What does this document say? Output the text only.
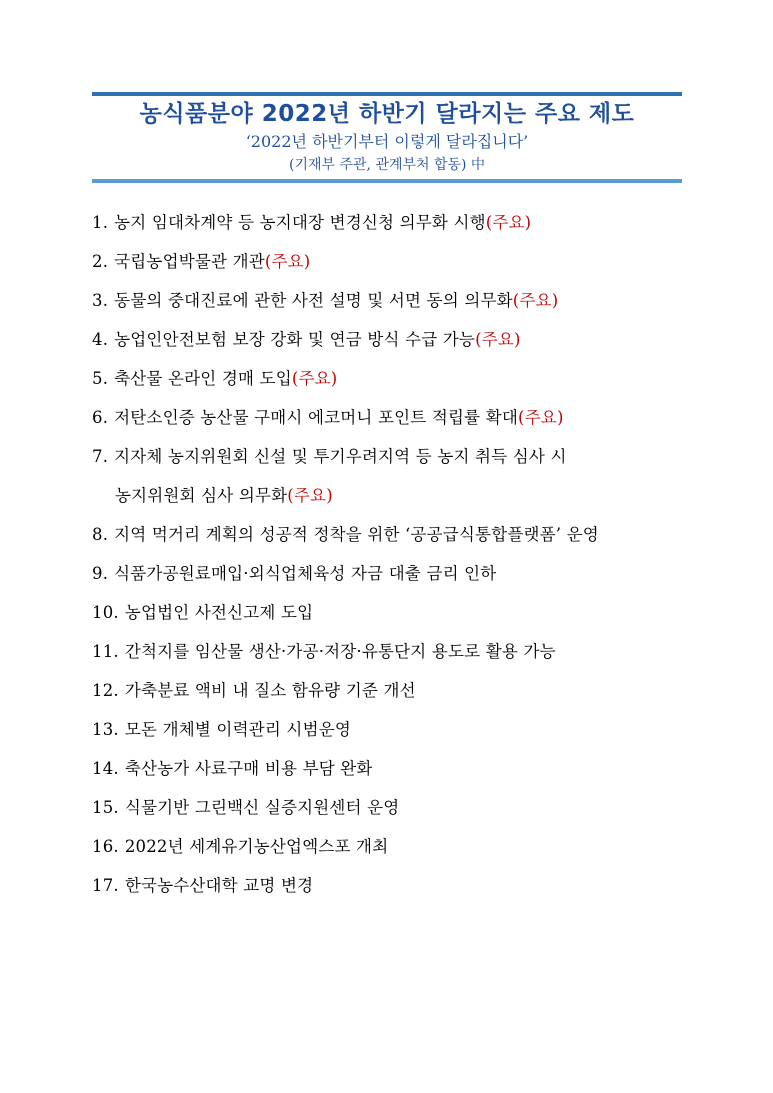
농식품분야 2022년 하반기 달라지는 주요 제도
‘2022년 하반기부터 이렇게 달라집니다’
(기재부 주관, 관계부처 합동) 中
1. 농지 임대차계약 등 농지대장 변경신청 의무화 시행(주요)
2. 국립농업박물관 개관(주요)
3. 동물의 중대진료에 관한 사전 설명 및 서면 동의 의무화(주요)
4. 농업인안전보험 보장 강화 및 연금 방식 수급 가능(주요)
5. 축산물 온라인 경매 도입(주요)
6. 저탄소인증 농산물 구매시 에코머니 포인트 적립률 확대(주요)
7. 지자체 농지위원회 신설 및 투기우려지역 등 농지 취득 심사 시
농지위원회 심사 의무화(주요)
8. 지역 먹거리 계획의 성공적 정착을 위한 ‘공공급식통합플랫폼’ 운영
9. 식품가공원료매입·외식업체육성 자금 대출 금리 인하
10. 농업법인 사전신고제 도입
11. 간척지를 임산물 생산·가공·저장·유통단지 용도로 활용 가능
12. 가축분료 액비 내 질소 함유량 기준 개선
13. 모돈 개체별 이력관리 시범운영
14. 축산농가 사료구매 비용 부담 완화
15. 식물기반 그린백신 실증지원센터 운영
16. 2022년 세계유기농산업엑스포 개최
17. 한국농수산대학 교명 변경
